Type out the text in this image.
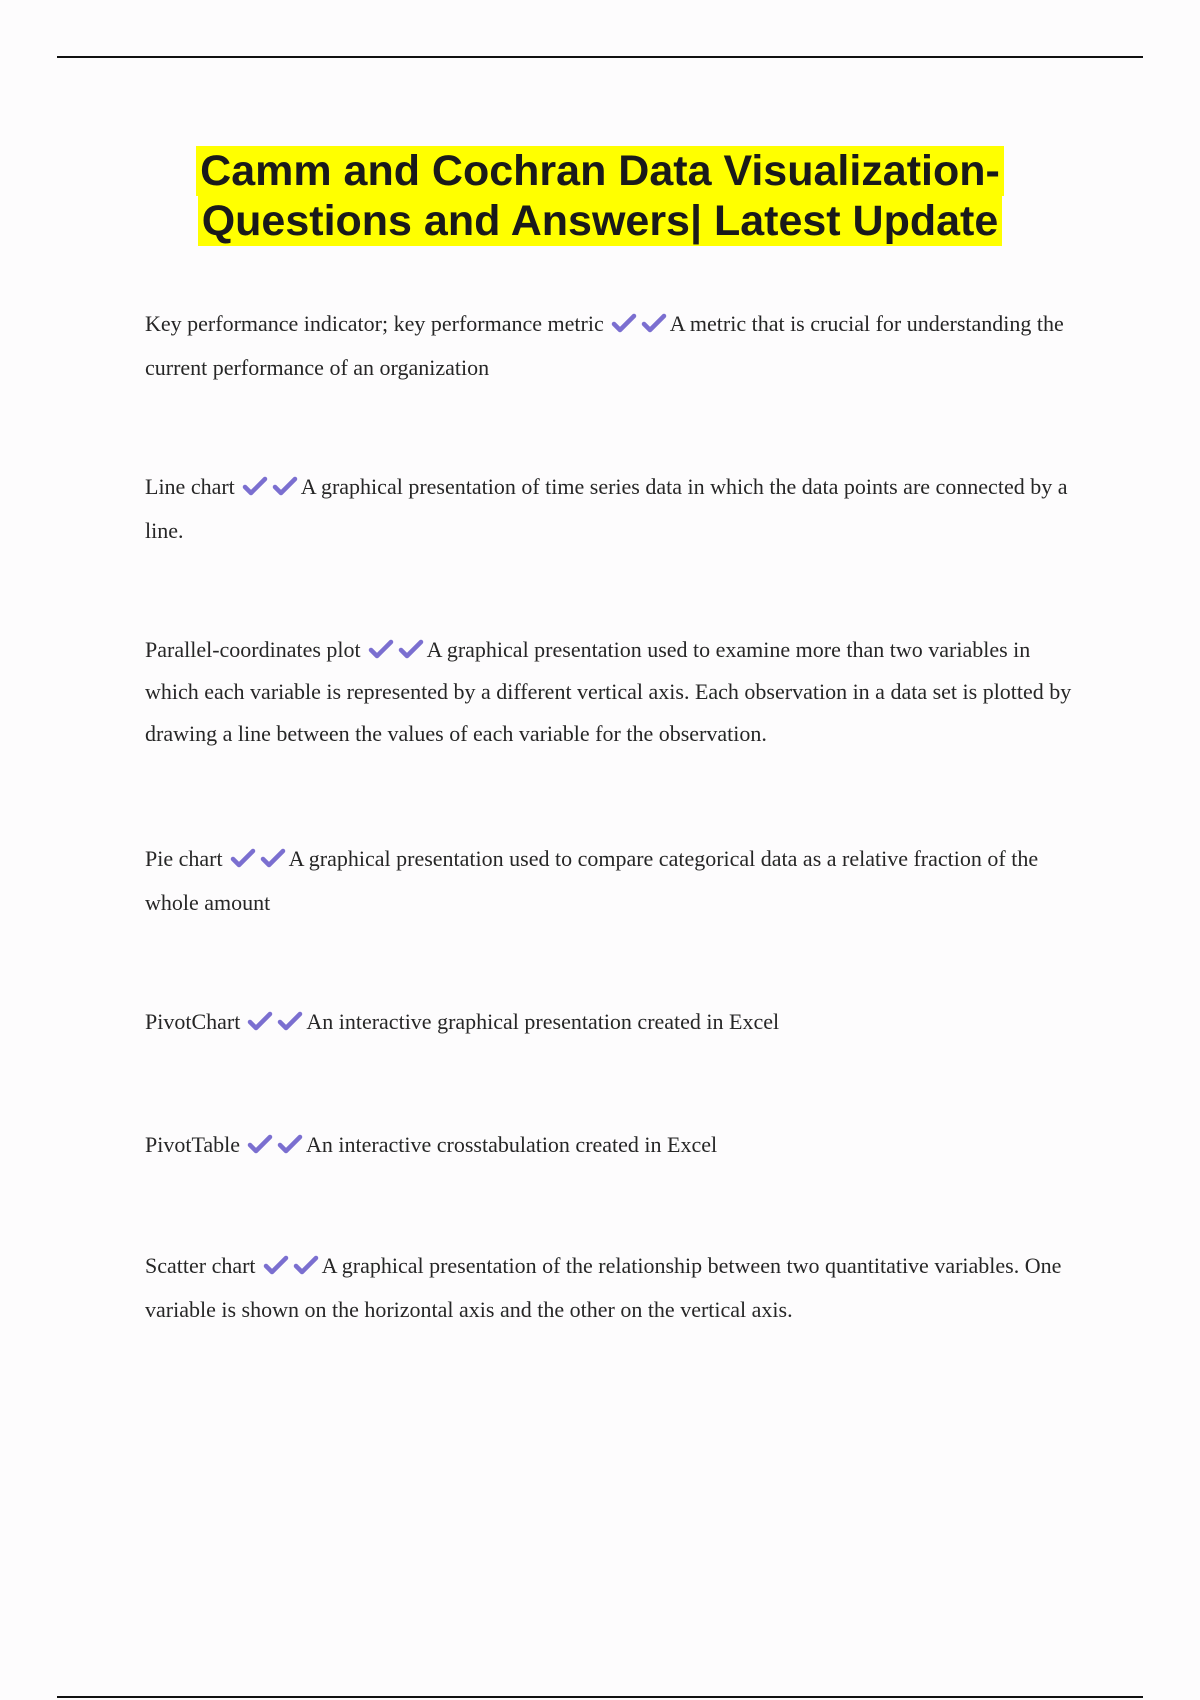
Camm and Cochran Data Visualization-
Questions and Answers| Latest Update
Key performance indicator; key performance metric	A metric that is crucial for understanding the current performance of an organization
Line chart	A graphical presentation of time series data in which the data points are connected by a line.
Parallel-coordinates plot	A graphical presentation used to examine more than two variables in which each variable is represented by a different vertical axis. Each observation in a data set is plotted by drawing a line between the values of each variable for the observation.
Pie chart	A graphical presentation used to compare categorical data as a relative fraction of the whole amount
PivotChart	An interactive graphical presentation created in Excel
PivotTable	An interactive crosstabulation created in Excel
Scatter chart	A graphical presentation of the relationship between two quantitative variables. One variable is shown on the horizontal axis and the other on the vertical axis.
